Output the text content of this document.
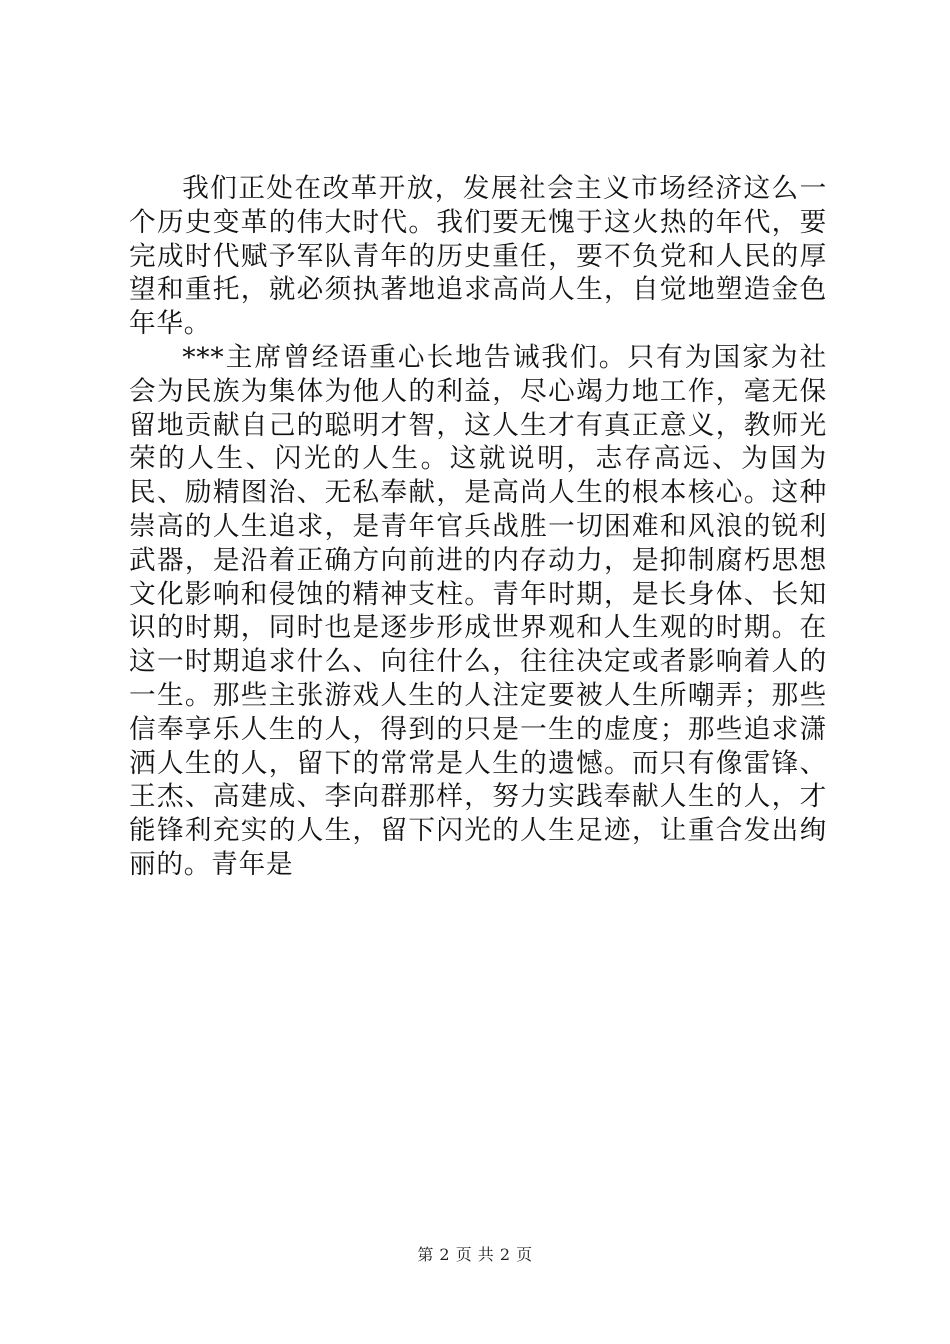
我们正处在改革开放，发展社会主义市场经济这么一个历史变革的伟大时代。我们要无愧于这火热的年代，要完成时代赋予军队青年的历史重任，要不负党和人民的厚望和重托，就必须执著地追求高尚人生，自觉地塑造金色年华。

***主席曾经语重心长地告诫我们。只有为国家为社会为民族为集体为他人的利益，尽心竭力地工作，毫无保留地贡献自己的聪明才智，这人生才有真正意义，教师光荣的人生、闪光的人生。这就说明，志存高远、为国为民、励精图治、无私奉献，是高尚人生的根本核心。这种崇高的人生追求，是青年官兵战胜一切困难和风浪的锐利武器，是沿着正确方向前进的内存动力，是抑制腐朽思想文化影响和侵蚀的精神支柱。青年时期，是长身体、长知识的时期，同时也是逐步形成世界观和人生观的时期。在这一时期追求什么、向往什么，往往决定或者影响着人的一生。那些主张游戏人生的人注定要被人生所嘲弄；那些信奉享乐人生的人，得到的只是一生的虚度；那些追求潇洒人生的人，留下的常常是人生的遗憾。而只有像雷锋、王杰、高建成、李向群那样，努力实践奉献人生的人，才能锋利充实的人生，留下闪光的人生足迹，让重合发出绚丽的。青年是

第 2 页 共 2 页
